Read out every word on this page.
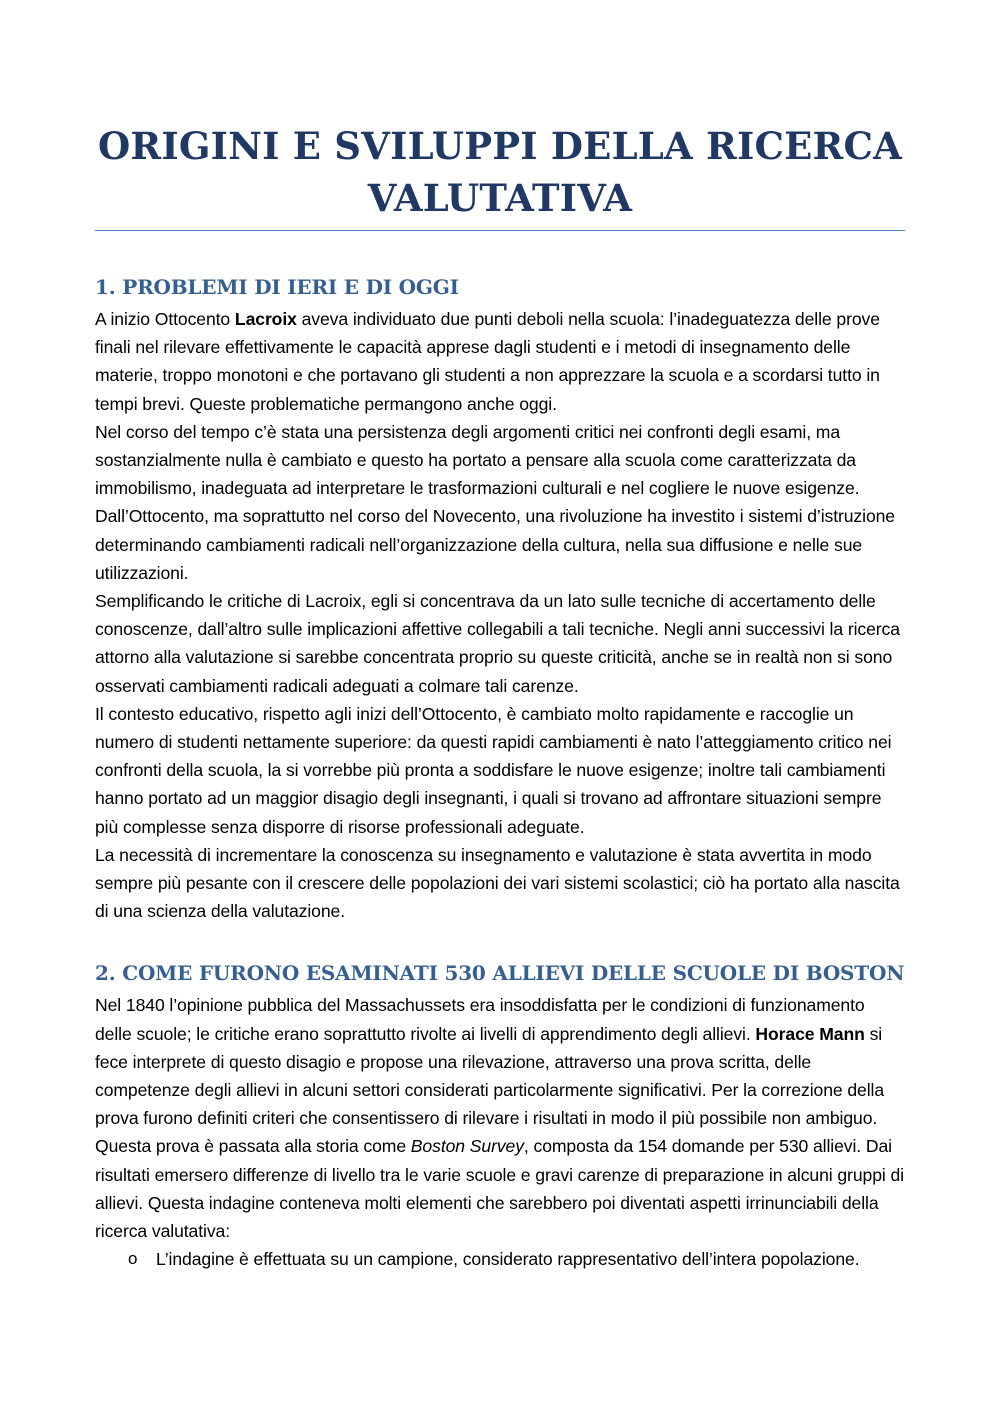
ORIGINI E SVILUPPI DELLA RICERCA
VALUTATIVA
1. PROBLEMI DI IERI E DI OGGI

A inizio Ottocento Lacroix aveva individuato due punti deboli nella scuola: l’inadeguatezza delle prove finali nel rilevare effettivamente le capacità apprese dagli studenti e i metodi di insegnamento delle materie, troppo monotoni e che portavano gli studenti a non apprezzare la scuola e a scordarsi tutto in tempi brevi. Queste problematiche permangono anche oggi.

Nel corso del tempo c’è stata una persistenza degli argomenti critici nei confronti degli esami, ma sostanzialmente nulla è cambiato e questo ha portato a pensare alla scuola come caratterizzata da immobilismo, inadeguata ad interpretare le trasformazioni culturali e nel cogliere le nuove esigenze. Dall’Ottocento, ma soprattutto nel corso del Novecento, una rivoluzione ha investito i sistemi d’istruzione determinando cambiamenti radicali nell’organizzazione della cultura, nella sua diffusione e nelle sue utilizzazioni.

Semplificando le critiche di Lacroix, egli si concentrava da un lato sulle tecniche di accertamento delle conoscenze, dall’altro sulle implicazioni affettive collegabili a tali tecniche. Negli anni successivi la ricerca attorno alla valutazione si sarebbe concentrata proprio su queste criticità, anche se in realtà non si sono osservati cambiamenti radicali adeguati a colmare tali carenze.

Il contesto educativo, rispetto agli inizi dell’Ottocento, è cambiato molto rapidamente e raccoglie un numero di studenti nettamente superiore: da questi rapidi cambiamenti è nato l’atteggiamento critico nei confronti della scuola, la si vorrebbe più pronta a soddisfare le nuove esigenze; inoltre tali cambiamenti hanno portato ad un maggior disagio degli insegnanti, i quali si trovano ad affrontare situazioni sempre più complesse senza disporre di risorse professionali adeguate.

La necessità di incrementare la conoscenza su insegnamento e valutazione è stata avvertita in modo sempre più pesante con il crescere delle popolazioni dei vari sistemi scolastici; ciò ha portato alla nascita di una scienza della valutazione.

2. COME FURONO ESAMINATI 530 ALLIEVI DELLE SCUOLE DI BOSTON

Nel 1840 l’opinione pubblica del Massachussets era insoddisfatta per le condizioni di funzionamento delle scuole; le critiche erano soprattutto rivolte ai livelli di apprendimento degli allievi. Horace Mann si fece interprete di questo disagio e propose una rilevazione, attraverso una prova scritta, delle competenze degli allievi in alcuni settori considerati particolarmente significativi. Per la correzione della prova furono definiti criteri che consentissero di rilevare i risultati in modo il più possibile non ambiguo. Questa prova è passata alla storia come Boston Survey, composta da 154 domande per 530 allievi. Dai risultati emersero differenze di livello tra le varie scuole e gravi carenze di preparazione in alcuni gruppi di allievi. Questa indagine conteneva molti elementi che sarebbero poi diventati aspetti irrinunciabili della ricerca valutativa:

o L’indagine è effettuata su un campione, considerato rappresentativo dell’intera popolazione.
